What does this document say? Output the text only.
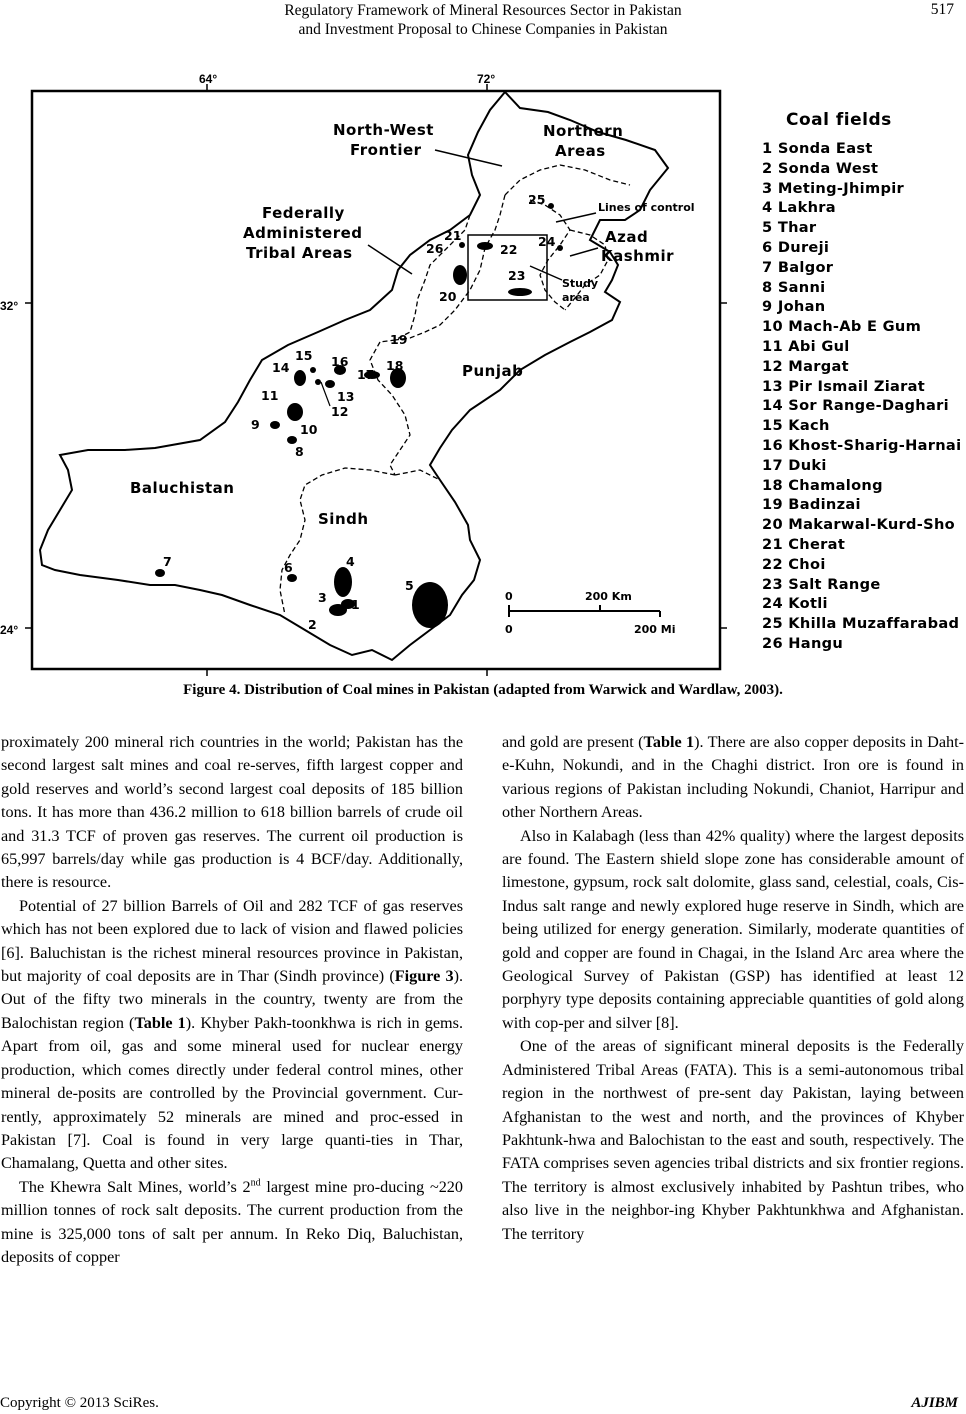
Regulatory Framework of Mineral Resources Sector in Pakistan
and Investment Proposal to Chinese Companies in Pakistan
517
64°	72°
32°
24°
North-West
Frontier
Northern
Areas
Federally
Administered
Tribal Areas
Azad
Kashmir
Punjab
Baluchistan
Sindh
Lines of control
Study
area
1
2
3
4
5
6
7
8
9	10
11
12
13
14
15 16
17
18
19
20
21
22
23
24
25
26
0	200 Km
0	200 Mi
Coal fields
1 Sonda East
2 Sonda West
3 Meting-Jhimpir
4 Lakhra
5 Thar
6 Dureji
7 Balgor
8 Sanni
9 Johan
10 Mach-Ab E Gum
11 Abi Gul
12 Margat
13 Pir Ismail Ziarat
14 Sor Range-Daghari
15 Kach
16 Khost-Sharig-Harnai
17 Duki
18 Chamalong
19 Badinzai
20 Makarwal-Kurd-Sho
21 Cherat
22 Choi
23 Salt Range
24 Kotli
25 Khilla Muzaffarabad
26 Hangu
Figure 4. Distribution of Coal mines in Pakistan (adapted from Warwick and Wardlaw, 2003).

proximately 200 mineral rich countries in the world; Pakistan has the second largest salt mines and coal re-serves, fifth largest copper and gold reserves and world’s second largest coal deposits of 185 billion tons. It has more than 436.2 million to 618 billion barrels of crude oil and 31.3 TCF of proven gas reserves. The current oil production is 65,997 barrels/day while gas production is 4 BCF/day. Additionally, there is resource.

Potential of 27 billion Barrels of Oil and 282 TCF of gas reserves which has not been explored due to lack of vision and flawed policies [6]. Baluchistan is the richest mineral resources province in Pakistan, but majority of coal deposits are in Thar (Sindh province) (Figure 3). Out of the fifty two minerals in the country, twenty are from the Balochistan region (Table 1). Khyber Pakh-toonkhwa is rich in gems. Apart from oil, gas and some mineral used for nuclear energy production, which comes directly under federal control mines, other mineral de-posits are controlled by the Provincial government. Cur-rently, approximately 52 minerals are mined and proc-essed in Pakistan [7]. Coal is found in very large quanti-ties in Thar, Chamalang, Quetta and other sites.

The Khewra Salt Mines, world’s 2nd largest mine pro-ducing ~220 million tonnes of rock salt deposits. The current production from the mine is 325,000 tons of salt per annum. In Reko Diq, Baluchistan, deposits of copper

and gold are present (Table 1). There are also copper deposits in Daht-e-Kuhn, Nokundi, and in the Chaghi district. Iron ore is found in various regions of Pakistan including Nokundi, Chaniot, Harripur and other Northern Areas.

Also in Kalabagh (less than 42% quality) where the largest deposits are found. The Eastern shield slope zone has considerable amount of limestone, gypsum, rock salt dolomite, glass sand, celestial, coals, Cis-Indus salt range and newly explored huge reserve in Sindh, which are being utilized for energy generation. Similarly, moderate quantities of gold and copper are found in Chagai, in the Island Arc area where the Geological Survey of Pakistan (GSP) has identified at least 12 porphyry type deposits containing appreciable quantities of gold along with cop-per and silver [8].

One of the areas of significant mineral deposits is the Federally Administered Tribal Areas (FATA). This is a semi-autonomous tribal region in the northwest of pre-sent day Pakistan, laying between Afghanistan to the west and north, and the provinces of Khyber Pakhtunk-hwa and Balochistan to the east and south, respectively. The FATA comprises seven agencies tribal districts and six frontier regions. The territory is almost exclusively inhabited by Pashtun tribes, who also live in the neighbor-ing Khyber Pakhtunkhwa and Afghanistan. The territory

Copyright © 2013 SciRes.	AJIBM
